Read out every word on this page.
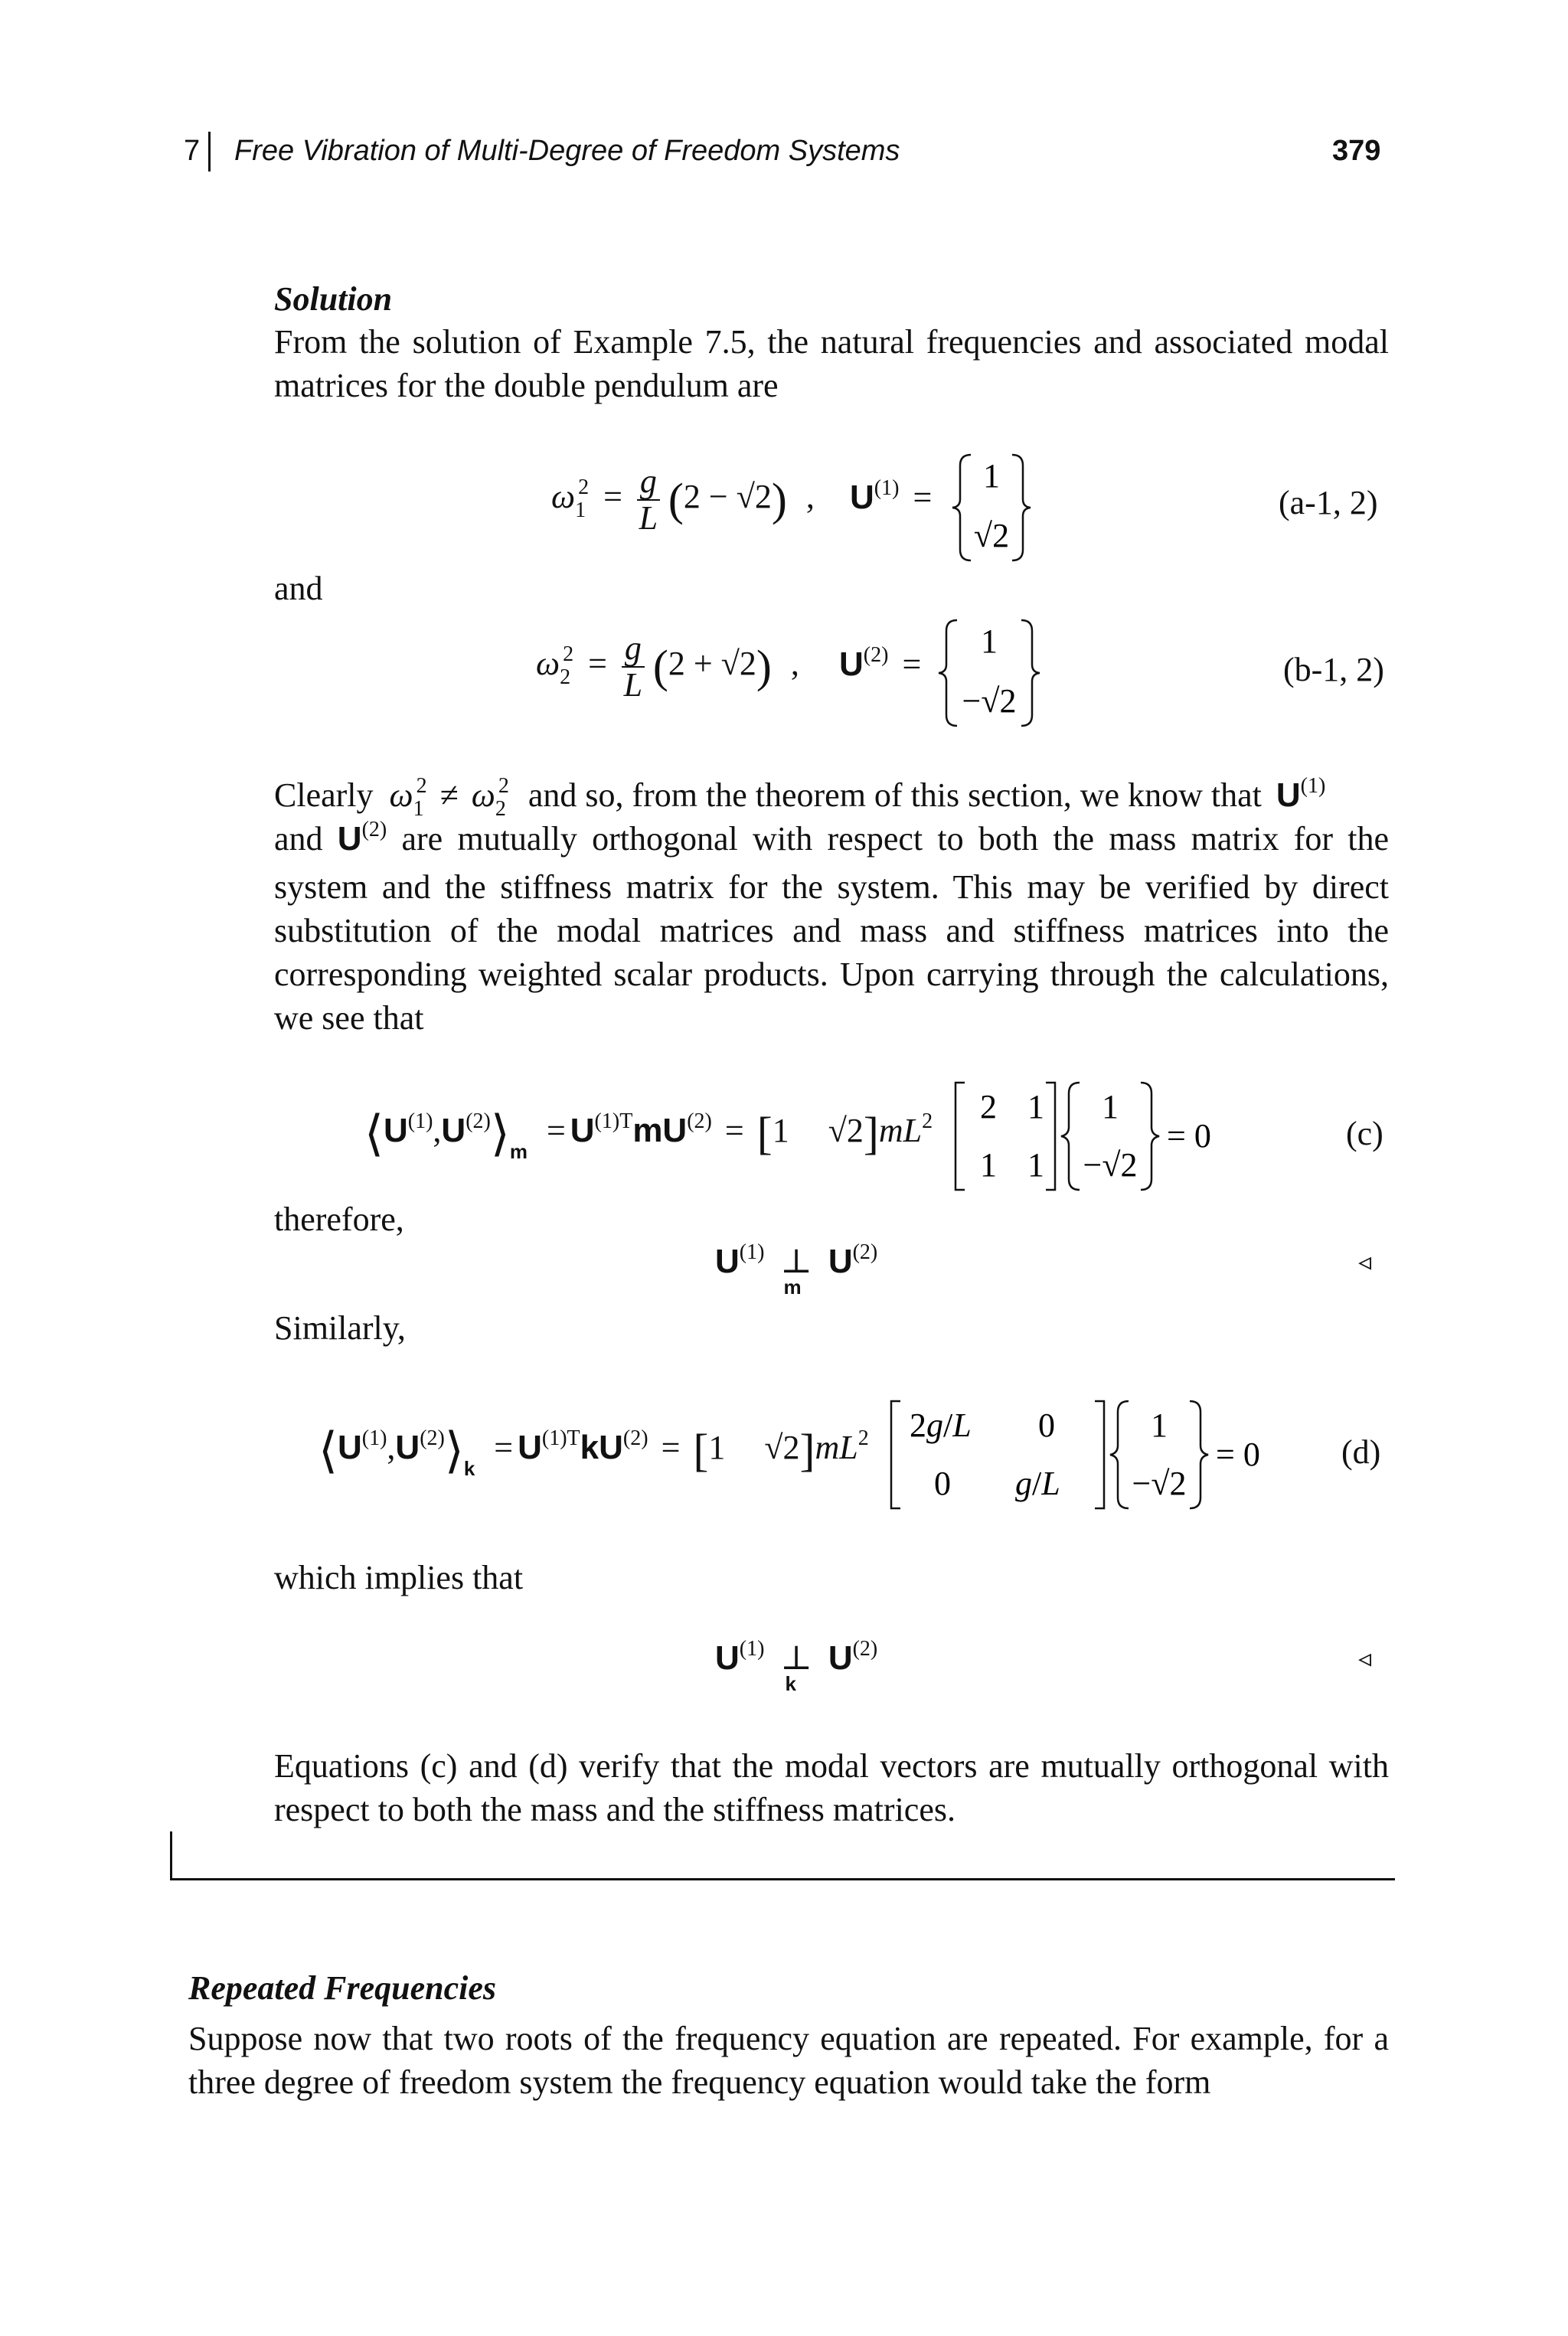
7 Free Vibration of Multi-Degree of Freedom Systems	379
Solution
From the solution of Example 7.5, the natural frequencies and associated modal matrices for the double pendulum are
$\omega_1^2 = \frac{g}{L} (2 - √2)$ , $U^{(1)}$ =
1
√2
(a-1, 2)
and
$\omega_2^2 = \frac{g}{L} (2 + √2)$ , $U^{(2)}$ =
1
−√2
(b-1, 2)
Clearly $\omega_1^2 \ne \omega_2^2$ and so, from the theorem of this section, we know that $U^{(1)}$
and $U^{(2)}$ are mutually orthogonal with respect to both the mass matrix for the system and the stiffness matrix for the system. This may be verified by direct substitution of the modal matrices and mass and stiffness matrices into the corresponding weighted scalar products. Upon carrying through the calculations, we see that
$⟨U^{(1)},U^{(2)}⟩_m = U^{(1)T}mU^{(2)} = [1$ $√2]mL^2$ 2 1
1 1
1
−√2
= 0	(c)
therefore,
$U^{(1)}$ ⊥
m
$U^{(2)}$	◃
Similarly,
$⟨U^{(1)},U^{(2)}⟩_k = U^{(1)T}kU^{(2)} = [1$ $√2]mL^2$ 2g/L 0
0 g/L
1
−√2
= 0 (d)
which implies that
$U^{(1)}$ ⊥
k
$U^{(2)}$	◃
Equations (c) and (d) verify that the modal vectors are mutually orthogonal with respect to both the mass and the stiffness matrices.
Repeated Frequencies
Suppose now that two roots of the frequency equation are repeated. For example, for a three degree of freedom system the frequency equation would take the form
